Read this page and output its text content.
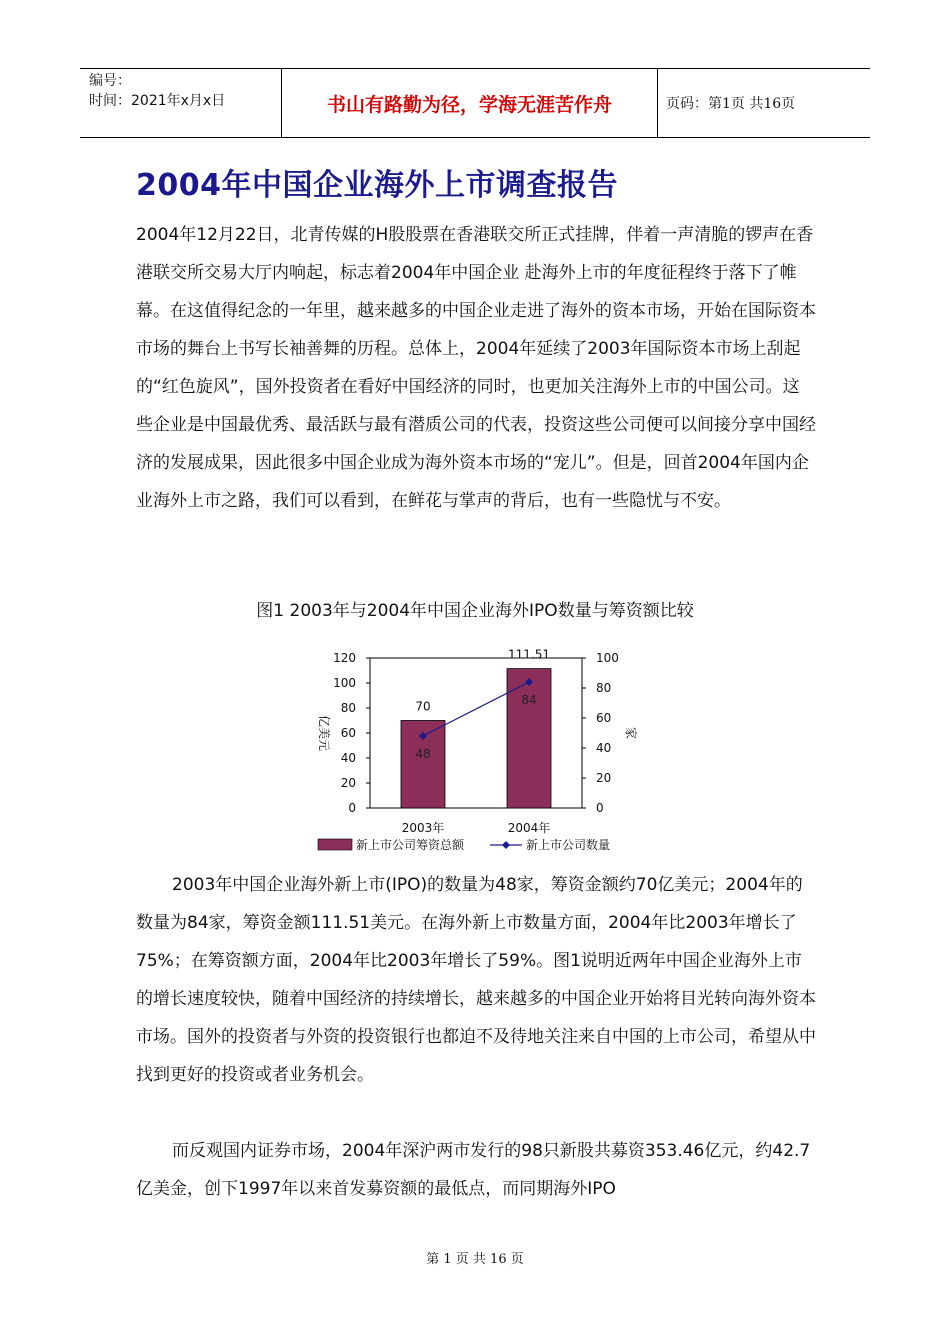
编号：
时间：2021年x月x日	书山有路勤为径，学海无涯苦作舟	页码：第1页 共16页
2004年中国企业海外上市调查报告

2004年12月22日，北青传媒的H股股票在香港联交所正式挂牌，伴着一声清脆的锣声在香港联交所交易大厅内响起，标志着2004年中国企业 赴海外上市的年度征程终于落下了帷幕。在这值得纪念的一年里，越来越多的中国企业走进了海外的资本市场，开始在国际资本市场的舞台上书写长袖善舞的历程。总体上，2004年延续了2003年国际资本市场上刮起的“红色旋风”，国外投资者在看好中国经济的同时，也更加关注海外上市的中国公司。这些企业是中国最优秀、最活跃与最有潜质公司的代表，投资这些公司便可以间接分享中国经济的发展成果，因此很多中国企业成为海外资本市场的“宠儿”。但是，回首2004年国内企业海外上市之路，我们可以看到，在鲜花与掌声的背后，也有一些隐忧与不安。

图1 2003年与2004年中国企业海外IPO数量与筹资额比较
0
20
40
60
80
100
120
0
20
40
60
80
100
亿美元	家
70
111.51
2003年	2004年
48
84
新上市公司筹资总额	新上市公司数量

2003年中国企业海外新上市(IPO)的数量为48家，筹资金额约70亿美元；2004年的数量为84家，筹资金额111.51美元。在海外新上市数量方面，2004年比2003年增长了75%；在筹资额方面，2004年比2003年增长了59%。图1说明近两年中国企业海外上市的增长速度较快，随着中国经济的持续增长，越来越多的中国企业开始将目光转向海外资本市场。国外的投资者与外资的投资银行也都迫不及待地关注来自中国的上市公司，希望从中找到更好的投资或者业务机会。

而反观国内证券市场，2004年深沪两市发行的98只新股共募资353.46亿元，约42.7亿美金，创下1997年以来首发募资额的最低点，而同期海外IPO

第 1 页 共 16 页
